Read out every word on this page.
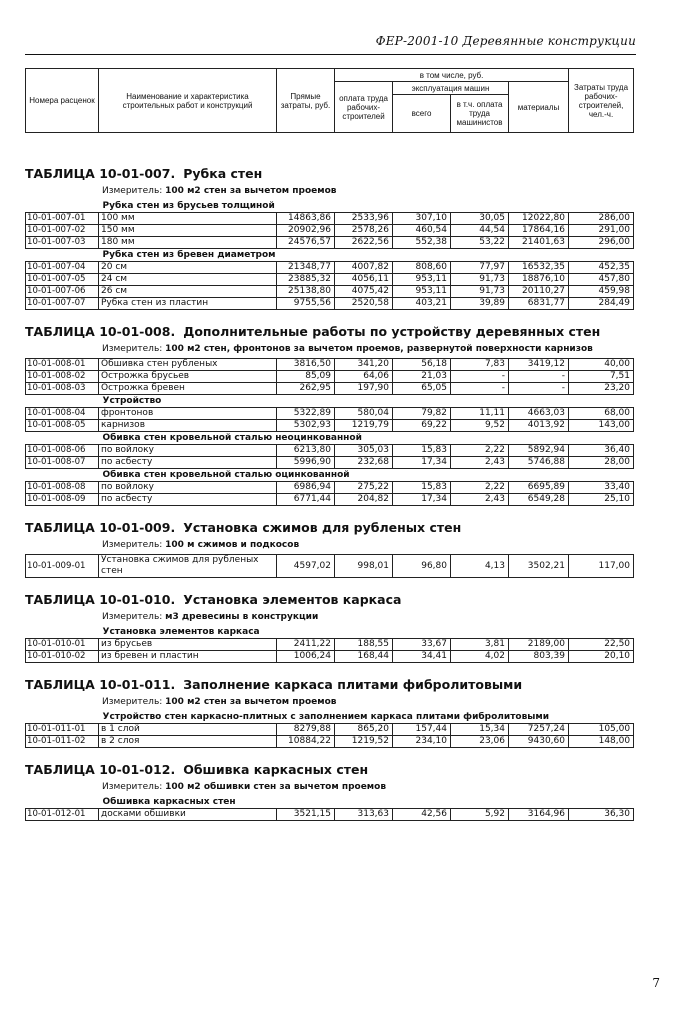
ФЕР-2001-10 Деревянные конструкции
Номера расценок	Наименование и характеристика строительных работ и конструкций	Прямые затраты, руб.	в том числе, руб.				Затраты труда рабочих-строителей, чел.-ч.
			оплата труда рабочих-строителей	эксплуатация машин		материалы	
				всего	в т.ч. оплата труда машинистов		
ТАБЛИЦА 10-01-007. Рубка стен
Измеритель: 100 м2 стен за вычетом проемов
Рубка стен из брусьев толщиной							
10-01-007-01	100 мм	14863,86	2533,96	307,10	30,05	12022,80	286,00
10-01-007-02	150 мм	20902,96	2578,26	460,54	44,54	17864,16	291,00
10-01-007-03	180 мм	24576,57	2622,56	552,38	53,22	21401,63	296,00
Рубка стен из бревен диаметром							
10-01-007-04	20 см	21348,77	4007,82	808,60	77,97	16532,35	452,35
10-01-007-05	24 см	23885,32	4056,11	953,11	91,73	18876,10	457,80
10-01-007-06	26 см	25138,80	4075,42	953,11	91,73	20110,27	459,98
10-01-007-07	Рубка стен из пластин	9755,56	2520,58	403,21	39,89	6831,77	284,49
ТАБЛИЦА 10-01-008. Дополнительные работы по устройству деревянных стен
Измеритель: 100 м2 стен, фронтонов за вычетом проемов, развернутой поверхности карнизов
10-01-008-01	Обшивка стен рубленых	3816,50	341,20	56,18	7,83	3419,12	40,00
10-01-008-02	Острожка брусьев	85,09	64,06	21,03	-	-	7,51
10-01-008-03	Острожка бревен	262,95	197,90	65,05	-	-	23,20
Устройство							
10-01-008-04	фронтонов	5322,89	580,04	79,82	11,11	4663,03	68,00
10-01-008-05	карнизов	5302,93	1219,79	69,22	9,52	4013,92	143,00
Обивка стен кровельной сталью неоцинкованной							
10-01-008-06	по войлоку	6213,80	305,03	15,83	2,22	5892,94	36,40
10-01-008-07	по асбесту	5996,90	232,68	17,34	2,43	5746,88	28,00
Обивка стен кровельной сталью оцинкованной							
10-01-008-08	по войлоку	6986,94	275,22	15,83	2,22	6695,89	33,40
10-01-008-09	по асбесту	6771,44	204,82	17,34	2,43	6549,28	25,10
ТАБЛИЦА 10-01-009. Установка сжимов для рубленых стен
Измеритель: 100 м сжимов и подкосов
10-01-009-01	Установка сжимов для рубленых стен	4597,02	998,01	96,80	4,13	3502,21	117,00
ТАБЛИЦА 10-01-010. Установка элементов каркаса
Измеритель: м3 древесины в конструкции
Установка элементов каркаса							
10-01-010-01	из брусьев	2411,22	188,55	33,67	3,81	2189,00	22,50
10-01-010-02	из бревен и пластин	1006,24	168,44	34,41	4,02	803,39	20,10
ТАБЛИЦА 10-01-011. Заполнение каркаса плитами фибролитовыми
Измеритель: 100 м2 стен за вычетом проемов
Устройство стен каркасно-плитных с заполнением каркаса плитами фибролитовыми							
10-01-011-01	в 1 слой	8279,88	865,20	157,44	15,34	7257,24	105,00
10-01-011-02	в 2 слоя	10884,22	1219,52	234,10	23,06	9430,60	148,00
ТАБЛИЦА 10-01-012. Обшивка каркасных стен
Измеритель: 100 м2 обшивки стен за вычетом проемов
Обшивка каркасных стен
10-01-012-01	досками обшивки	3521,15	313,63	42,56	5,92	3164,96	36,30
7
